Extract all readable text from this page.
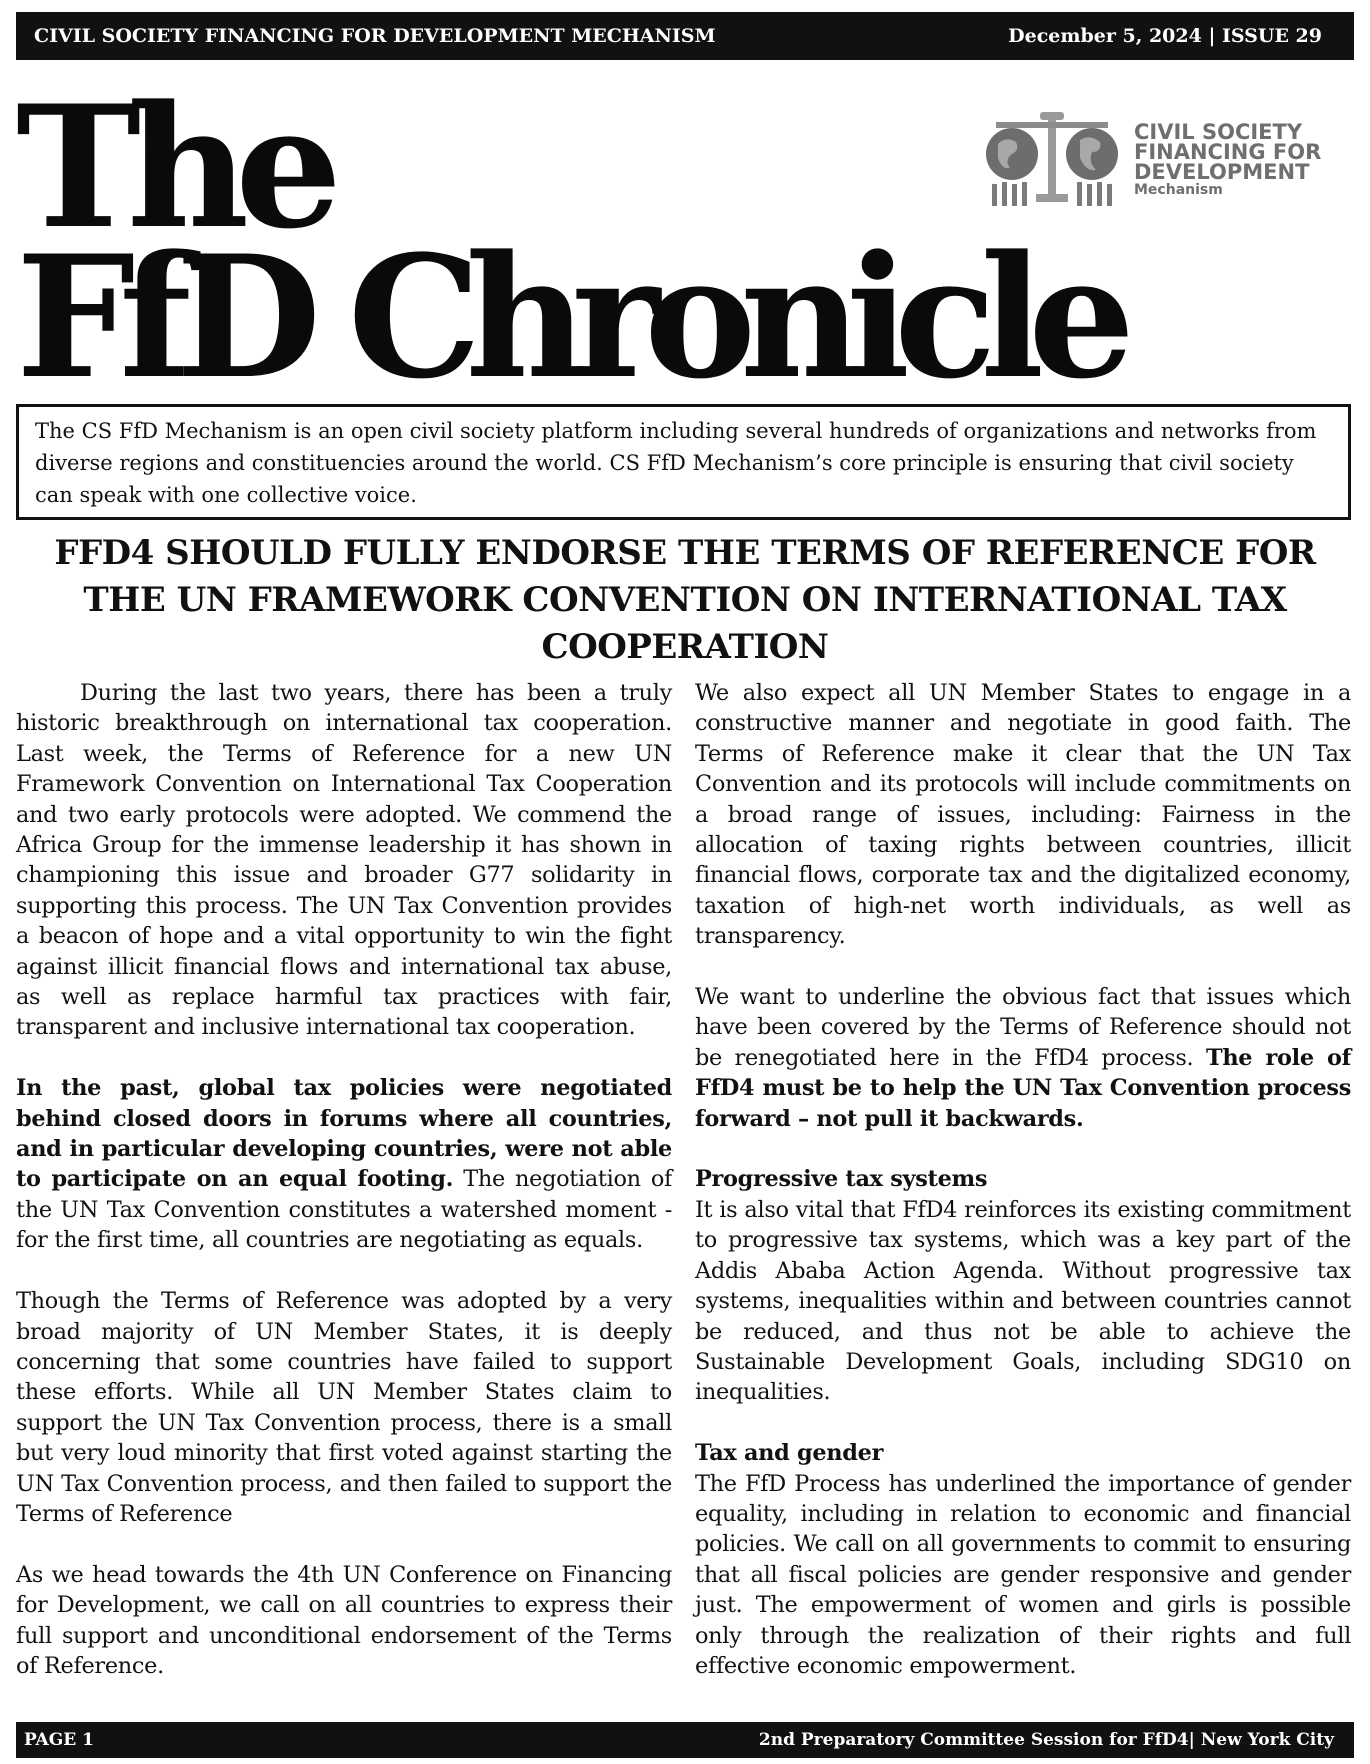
CIVIL SOCIETY FINANCING FOR DEVELOPMENT MECHANISM	December 5, 2024 | ISSUE 29
The
FfD Chronicle
CIVIL SOCIETY
FINANCING FOR
DEVELOPMENT
Mechanism
The CS FfD Mechanism is an open civil society platform including several hundreds of organizations and networks from diverse regions and constituencies around the world. CS FfD Mechanism’s core principle is ensuring that civil society can speak with one collective voice.
FFD4 SHOULD FULLY ENDORSE THE TERMS OF REFERENCE FOR THE UN FRAMEWORK CONVENTION ON INTERNATIONAL TAX COOPERATION

During the last two years, there has been a truly historic breakthrough on international tax cooperation. Last week, the Terms of Reference for a new UN Framework Convention on International Tax Cooperation and two early protocols were adopted. We commend the Africa Group for the immense leadership it has shown in championing this issue and broader G77 solidarity in supporting this process. The UN Tax Convention provides a beacon of hope and a vital opportunity to win the fight against illicit financial flows and international tax abuse, as well as replace harmful tax practices with fair, transparent and inclusive international tax cooperation.

In the past, global tax policies were negotiated behind closed doors in forums where all countries, and in particular developing countries, were not able to participate on an equal footing. The negotiation of the UN Tax Convention constitutes a watershed moment - for the first time, all countries are negotiating as equals.

Though the Terms of Reference was adopted by a very broad majority of UN Member States, it is deeply concerning that some countries have failed to support these efforts. While all UN Member States claim to support the UN Tax Convention process, there is a small but very loud minority that first voted against starting the UN Tax Convention process, and then failed to support the Terms of Reference

As we head towards the 4th UN Conference on Financing for Development, we call on all countries to express their full support and unconditional endorsement of the Terms of Reference.

We also expect all UN Member States to engage in a constructive manner and negotiate in good faith. The Terms of Reference make it clear that the UN Tax Convention and its protocols will include commitments on a broad range of issues, including: Fairness in the allocation of taxing rights between countries, illicit financial flows, corporate tax and the digitalized economy, taxation of high-net worth individuals, as well as transparency.

We want to underline the obvious fact that issues which have been covered by the Terms of Reference should not be renegotiated here in the FfD4 process. The role of FfD4 must be to help the UN Tax Convention process forward – not pull it backwards.

Progressive tax systems

It is also vital that FfD4 reinforces its existing commitment to progressive tax systems, which was a key part of the Addis Ababa Action Agenda. Without progressive tax systems, inequalities within and between countries cannot be reduced, and thus not be able to achieve the Sustainable Development Goals, including SDG10 on inequalities.

Tax and gender

The FfD Process has underlined the importance of gender equality, including in relation to economic and financial policies. We call on all governments to commit to ensuring that all fiscal policies are gender responsive and gender just. The empowerment of women and girls is possible only through the realization of their rights and full effective economic empowerment.

PAGE 1	2nd Preparatory Committee Session for FfD4| New York City
